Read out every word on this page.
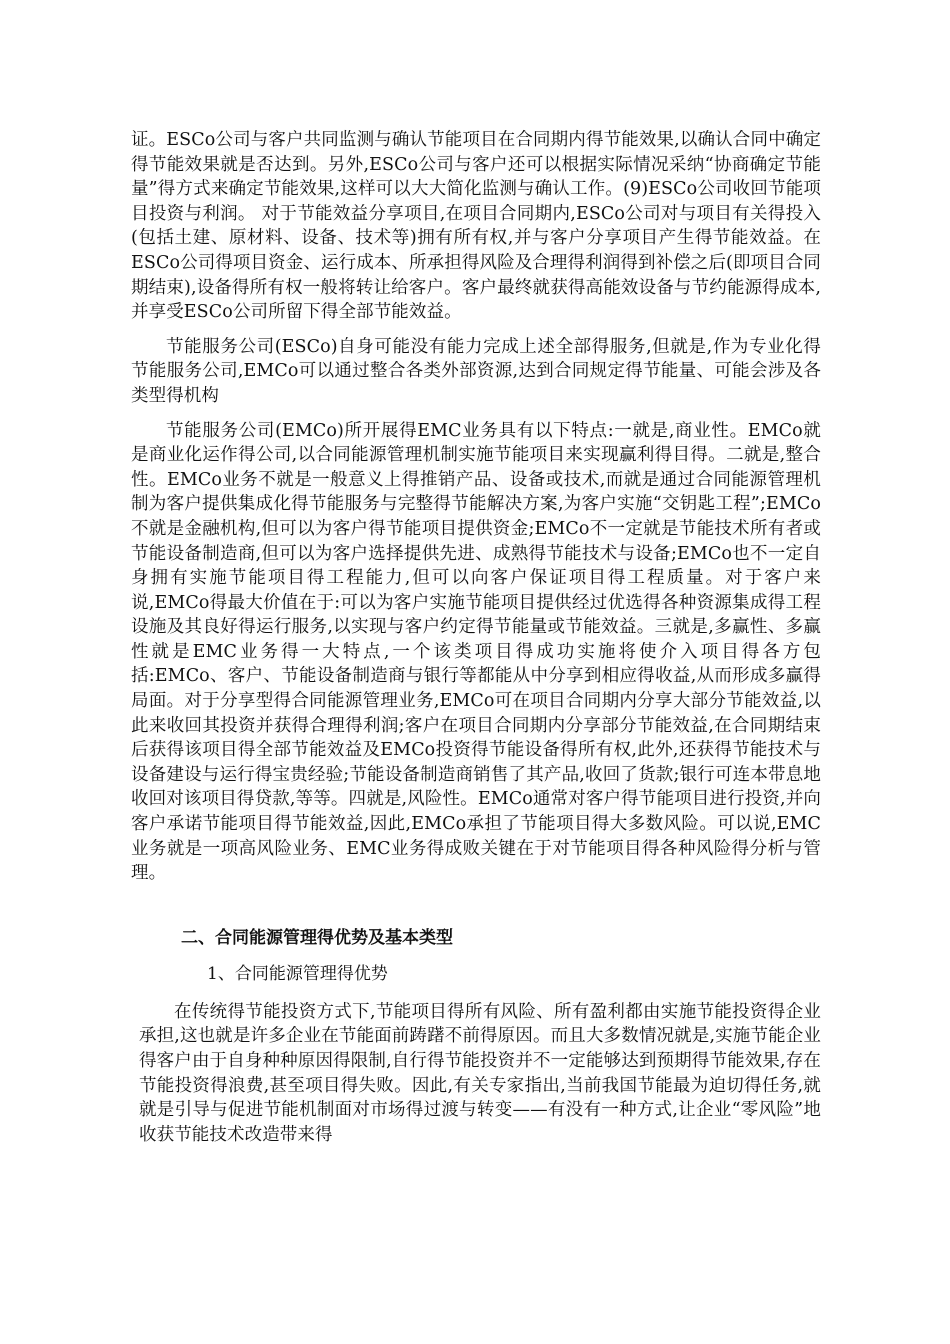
证。ESCo公司与客户共同监测与确认节能项目在合同期内得节能效果,以确认合同中确定得节能效果就是否达到。另外,ESCo公司与客户还可以根据实际情况采纳“协商确定节能量”得方式来确定节能效果,这样可以大大简化监测与确认工作。(9)ESCo公司收回节能项目投资与利润。 对于节能效益分享项目,在项目合同期内,ESCo公司对与项目有关得投入(包括土建、原材料、设备、技术等)拥有所有权,并与客户分享项目产生得节能效益。在ESCo公司得项目资金、运行成本、所承担得风险及合理得利润得到补偿之后(即项目合同期结束),设备得所有权一般将转让给客户。客户最终就获得高能效设备与节约能源得成本,并享受ESCo公司所留下得全部节能效益。

节能服务公司(ESCo)自身可能没有能力完成上述全部得服务,但就是,作为专业化得节能服务公司,EMCo可以通过整合各类外部资源,达到合同规定得节能量、可能会涉及各类型得机构

节能服务公司(EMCo)所开展得EMC业务具有以下特点:一就是,商业性。EMCo就是商业化运作得公司,以合同能源管理机制实施节能项目来实现赢利得目得。二就是,整合性。EMCo业务不就是一般意义上得推销产品、设备或技术,而就是通过合同能源管理机制为客户提供集成化得节能服务与完整得节能解决方案,为客户实施“交钥匙工程”;EMCo不就是金融机构,但可以为客户得节能项目提供资金;EMCo不一定就是节能技术所有者或节能设备制造商,但可以为客户选择提供先进、成熟得节能技术与设备;EMCo也不一定自身拥有实施节能项目得工程能力,但可以向客户保证项目得工程质量。对于客户来说,EMCo得最大价值在于:可以为客户实施节能项目提供经过优选得各种资源集成得工程设施及其良好得运行服务,以实现与客户约定得节能量或节能效益。三就是,多赢性、多赢性就是EMC业务得一大特点,一个该类项目得成功实施将使介入项目得各方包括:EMCo、客户、节能设备制造商与银行等都能从中分享到相应得收益,从而形成多赢得局面。对于分享型得合同能源管理业务,EMCo可在项目合同期内分享大部分节能效益,以此来收回其投资并获得合理得利润;客户在项目合同期内分享部分节能效益,在合同期结束后获得该项目得全部节能效益及EMCo投资得节能设备得所有权,此外,还获得节能技术与设备建设与运行得宝贵经验;节能设备制造商销售了其产品,收回了货款;银行可连本带息地收回对该项目得贷款,等等。四就是,风险性。EMCo通常对客户得节能项目进行投资,并向客户承诺节能项目得节能效益,因此,EMCo承担了节能项目得大多数风险。可以说,EMC业务就是一项高风险业务、EMC业务得成败关键在于对节能项目得各种风险得分析与管理。

二、合同能源管理得优势及基本类型
1、合同能源管理得优势

在传统得节能投资方式下,节能项目得所有风险、所有盈利都由实施节能投资得企业承担,这也就是许多企业在节能面前踌躇不前得原因。而且大多数情况就是,实施节能企业得客户由于自身种种原因得限制,自行得节能投资并不一定能够达到预期得节能效果,存在节能投资得浪费,甚至项目得失败。因此,有关专家指出,当前我国节能最为迫切得任务,就就是引导与促进节能机制面对市场得过渡与转变——有没有一种方式,让企业“零风险”地收获节能技术改造带来得
